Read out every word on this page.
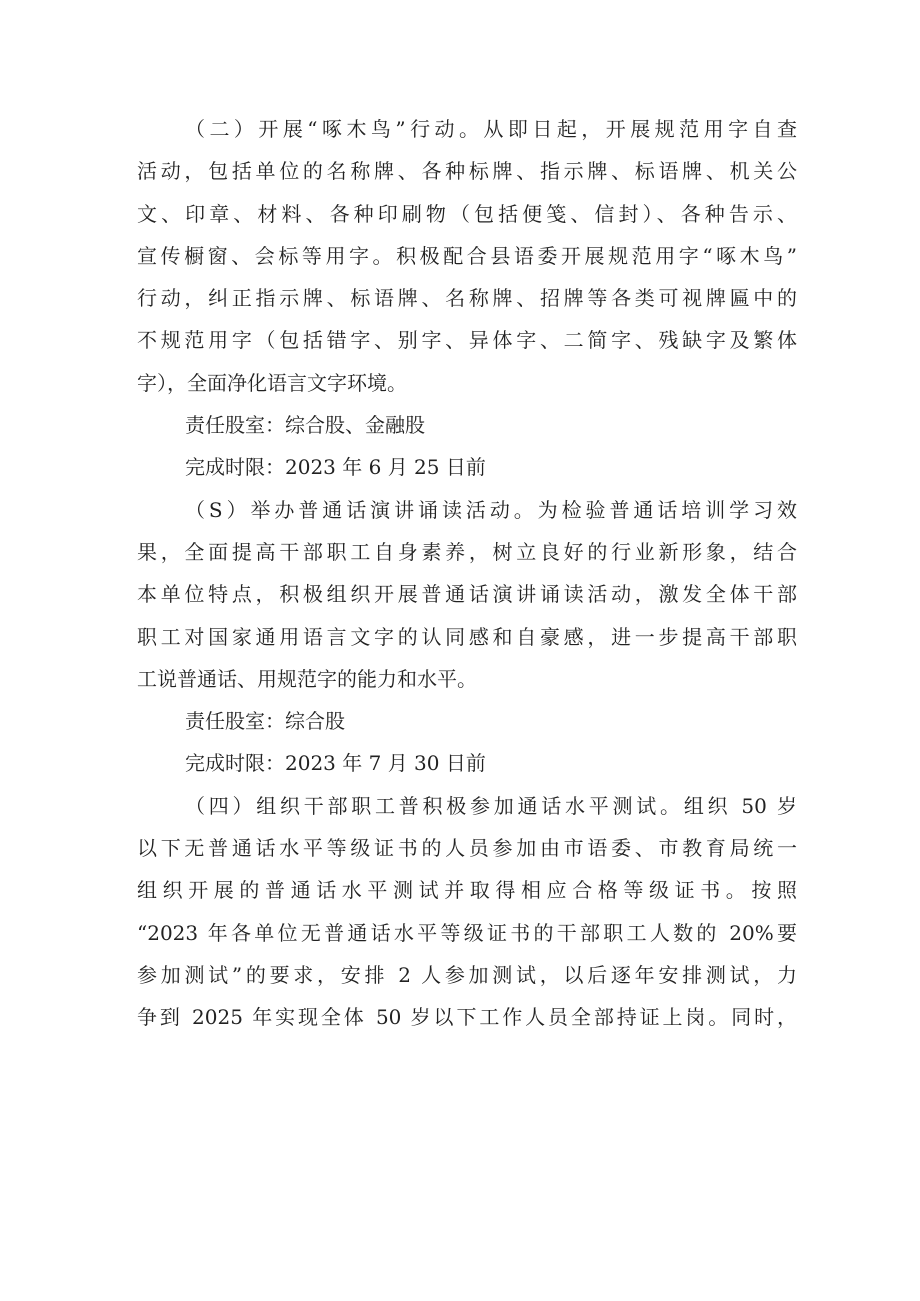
（二）开展“啄木鸟”行动。从即日起，开展规范用字自查
活动，包括单位的名称牌、各种标牌、指示牌、标语牌、机关公
文、印章、材料、各种印刷物（包括便笺、信封）、各种告示、
宣传橱窗、会标等用字。积极配合县语委开展规范用字“啄木鸟”
行动，纠正指示牌、标语牌、名称牌、招牌等各类可视牌匾中的
不规范用字（包括错字、别字、异体字、二简字、残缺字及繁体
字），全面净化语言文字环境。
责任股室：综合股、金融股
完成时限：2023 年 6 月 25 日前
（S）举办普通话演讲诵读活动。为检验普通话培训学习效
果，全面提高干部职工自身素养，树立良好的行业新形象，结合
本单位特点，积极组织开展普通话演讲诵读活动，激发全体干部
职工对国家通用语言文字的认同感和自豪感，进一步提高干部职
工说普通话、用规范字的能力和水平。
责任股室：综合股
完成时限：2023 年 7 月 30 日前
（四）组织干部职工普积极参加通话水平测试。组织 50 岁
以下无普通话水平等级证书的人员参加由市语委、市教育局统一
组织开展的普通话水平测试并取得相应合格等级证书。按照
“2023 年各单位无普通话水平等级证书的干部职工人数的 20%要
参加测试”的要求，安排 2 人参加测试，以后逐年安排测试，力
争到 2025 年实现全体 50 岁以下工作人员全部持证上岗。同时，
